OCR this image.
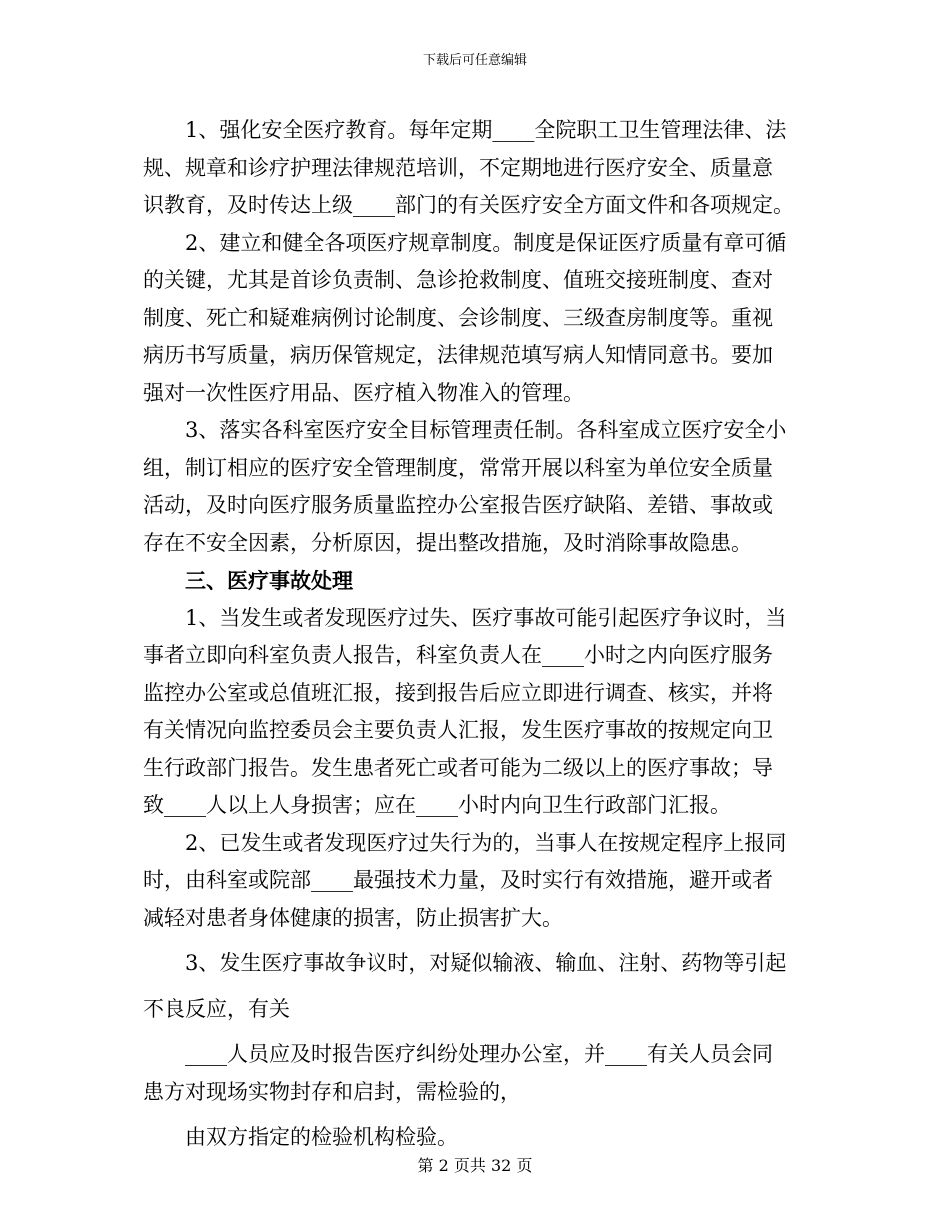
下载后可任意编辑
1、强化安全医疗教育。每年定期____全院职工卫生管理法律、法
规、规章和诊疗护理法律规范培训，不定期地进行医疗安全、质量意
识教育，及时传达上级____部门的有关医疗安全方面文件和各项规定。
2、建立和健全各项医疗规章制度。制度是保证医疗质量有章可循
的关键，尤其是首诊负责制、急诊抢救制度、值班交接班制度、查对
制度、死亡和疑难病例讨论制度、会诊制度、三级查房制度等。重视
病历书写质量，病历保管规定，法律规范填写病人知情同意书。要加
强对一次性医疗用品、医疗植入物准入的管理。
3、落实各科室医疗安全目标管理责任制。各科室成立医疗安全小
组，制订相应的医疗安全管理制度，常常开展以科室为单位安全质量
活动，及时向医疗服务质量监控办公室报告医疗缺陷、差错、事故或
存在不安全因素，分析原因，提出整改措施，及时消除事故隐患。
三、医疗事故处理
1、当发生或者发现医疗过失、医疗事故可能引起医疗争议时，当
事者立即向科室负责人报告，科室负责人在____小时之内向医疗服务
监控办公室或总值班汇报，接到报告后应立即进行调查、核实，并将
有关情况向监控委员会主要负责人汇报，发生医疗事故的按规定向卫
生行政部门报告。发生患者死亡或者可能为二级以上的医疗事故；导
致____人以上人身损害；应在____小时内向卫生行政部门汇报。
2、已发生或者发现医疗过失行为的，当事人在按规定程序上报同
时，由科室或院部____最强技术力量，及时实行有效措施，避开或者
减轻对患者身体健康的损害，防止损害扩大。
3、发生医疗事故争议时，对疑似输液、输血、注射、药物等引起
不良反应，有关
____人员应及时报告医疗纠纷处理办公室，并____有关人员会同
患方对现场实物封存和启封，需检验的，
由双方指定的检验机构检验。
第 2 页共 32 页
